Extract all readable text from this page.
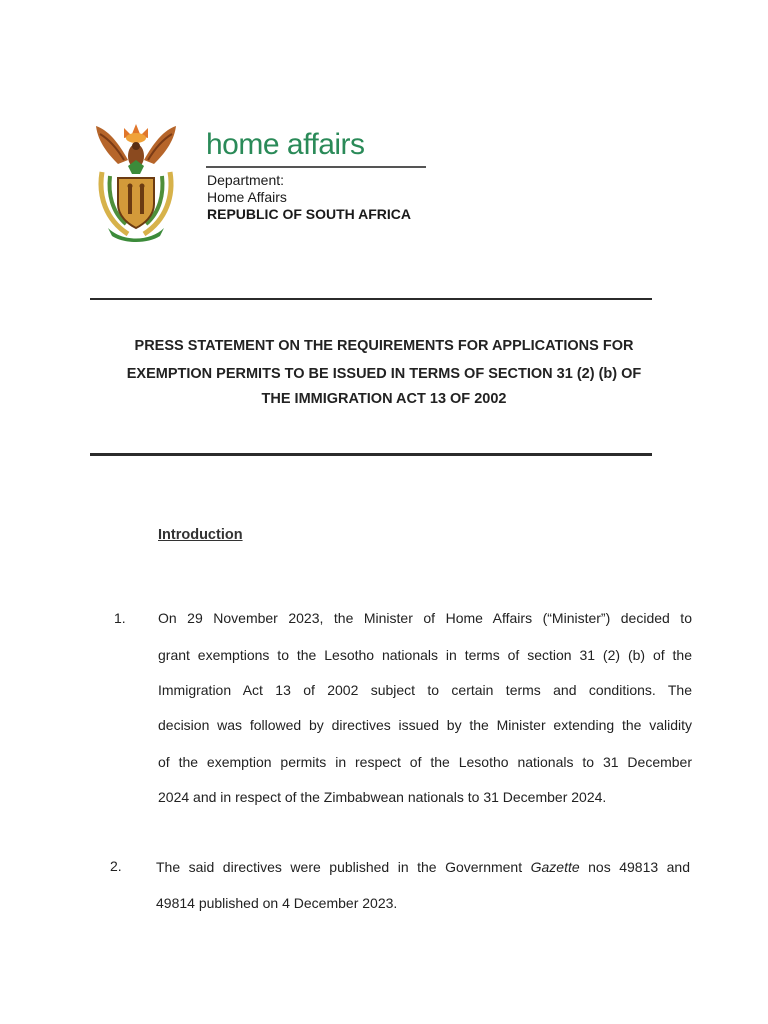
home affairs
Department:
Home Affairs
REPUBLIC OF SOUTH AFRICA
PRESS STATEMENT ON THE REQUIREMENTS FOR APPLICATIONS FOR
EXEMPTION PERMITS TO BE ISSUED IN TERMS OF SECTION 31 (2) (b) OF
THE IMMIGRATION ACT 13 OF 2002
Introduction
1. On 29 November 2023, the Minister of Home Affairs (“Minister”) decided to
grant exemptions to the Lesotho nationals in terms of section 31 (2) (b) of the
Immigration Act 13 of 2002 subject to certain terms and conditions. The
decision was followed by directives issued by the Minister extending the validity
of the exemption permits in respect of the Lesotho nationals to 31 December
2024 and in respect of the Zimbabwean nationals to 31 December 2024.
2. The said directives were published in the Government Gazette nos 49813 and
49814 published on 4 December 2023.
